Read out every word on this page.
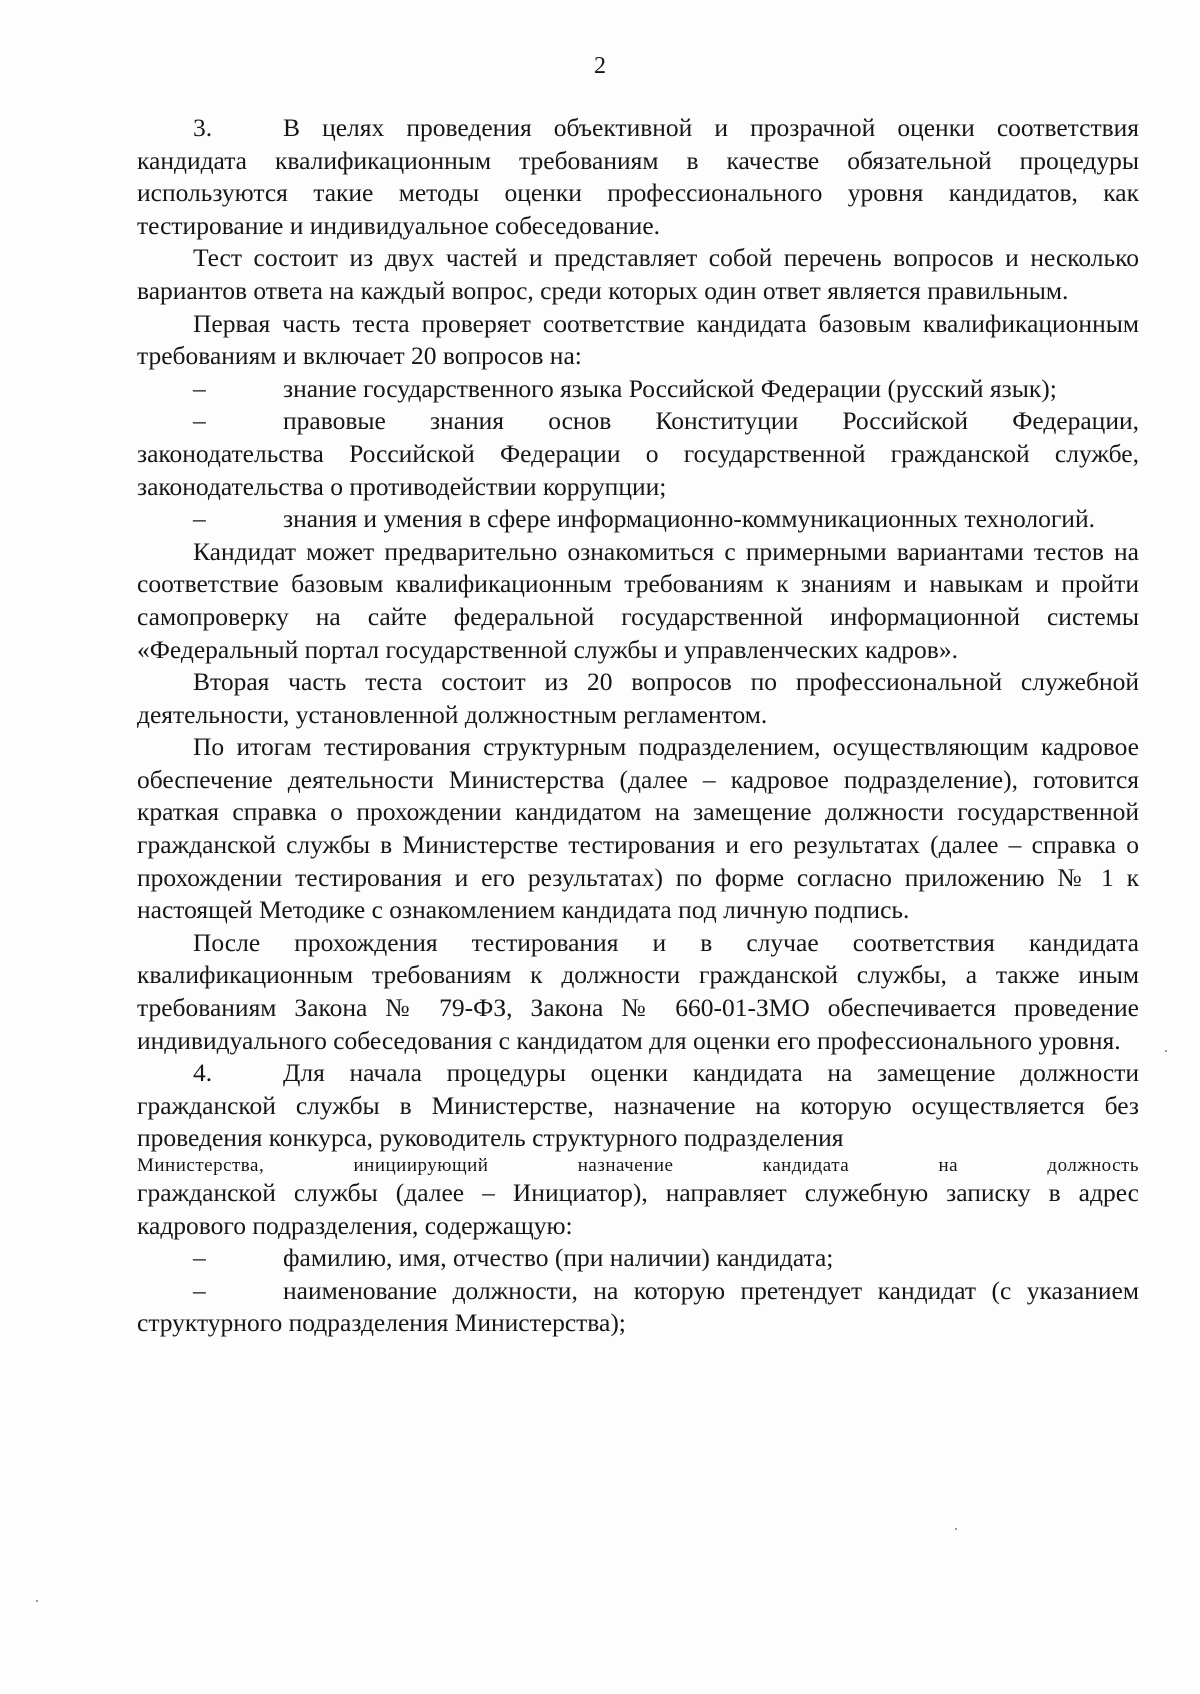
2

3.	В целях проведения объективной и прозрачной оценки соответствия кандидата квалификационным требованиям в качестве обязательной процедуры используются такие методы оценки профессионального уровня кандидатов, как тестирование и индивидуальное собеседование.

Тест состоит из двух частей и представляет собой перечень вопросов и несколько вариантов ответа на каждый вопрос, среди которых один ответ является правильным.

Первая часть теста проверяет соответствие кандидата базовым квалификационным требованиям и включает 20 вопросов на:

–	знание государственного языка Российской Федерации (русский язык);

–	правовые знания основ Конституции Российской Федерации, законодательства Российской Федерации о государственной гражданской службе, законодательства о противодействии коррупции;

–	знания и умения в сфере информационно-коммуникационных технологий.

Кандидат может предварительно ознакомиться с примерными вариантами тестов на соответствие базовым квалификационным требованиям к знаниям и навыкам и пройти самопроверку на сайте федеральной государственной информационной системы «Федеральный портал государственной службы и управленческих кадров».

Вторая часть теста состоит из 20 вопросов по профессиональной служебной деятельности, установленной должностным регламентом.

По итогам тестирования структурным подразделением, осуществляющим кадровое обеспечение деятельности Министерства (далее – кадровое подразделение), готовится краткая справка о прохождении кандидатом на замещение должности государственной гражданской службы в Министерстве тестирования и его результатах (далее – справка о прохождении тестирования и его результатах) по форме согласно приложению № 1 к настоящей Методике с ознакомлением кандидата под личную подпись.

После прохождения тестирования и в случае соответствия кандидата квалификационным требованиям к должности гражданской службы, а также иным требованиям Закона № 79-ФЗ, Закона № 660-01-ЗМО обеспечивается проведение индивидуального собеседования с кандидатом для оценки его профессионального уровня.

4.	Для начала процедуры оценки кандидата на замещение должности гражданской службы в Министерстве, назначение на которую осуществляется без проведения конкурса, руководитель структурного подразделения

Министерства, инициирующий назначение кандидата на должность

гражданской службы (далее – Инициатор), направляет служебную записку в адрес кадрового подразделения, содержащую:

–	фамилию, имя, отчество (при наличии) кандидата;

–	наименование должности, на которую претендует кандидат (с указанием структурного подразделения Министерства);
